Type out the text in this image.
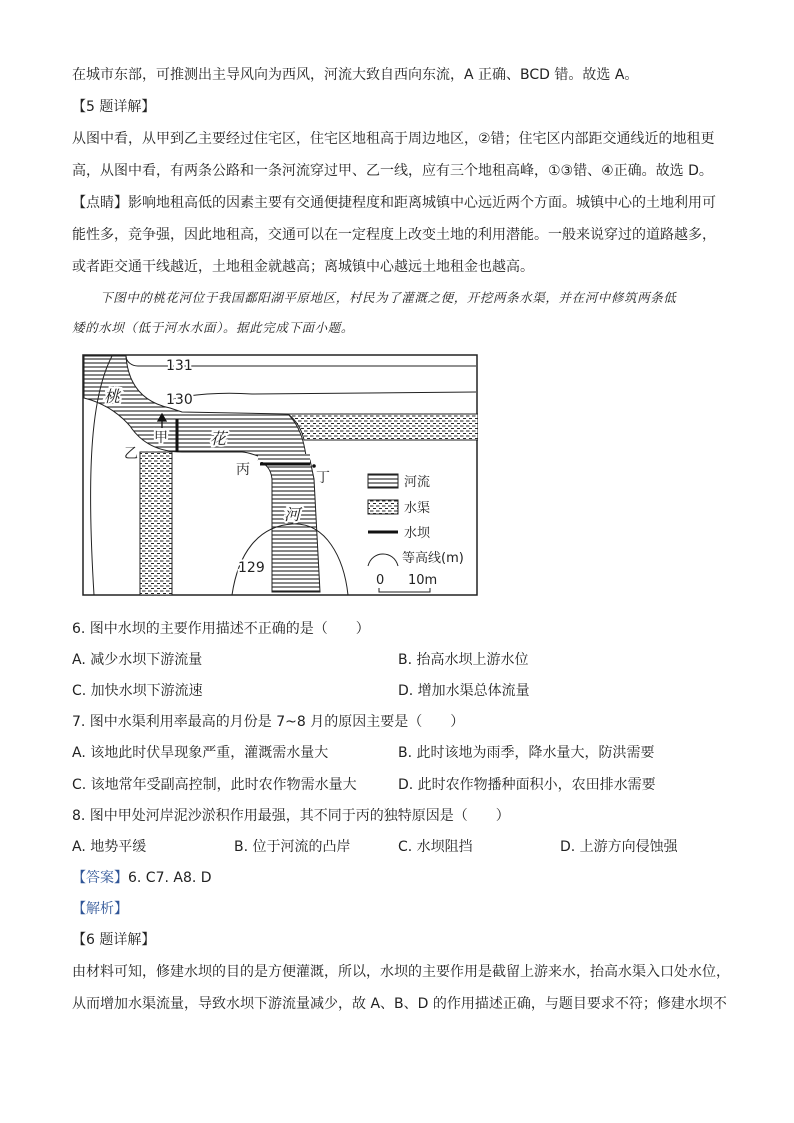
在城市东部，可推测出主导风向为西风，河流大致自西向东流，A 正确、BCD 错。故选 A。
【5 题详解】
从图中看，从甲到乙主要经过住宅区，住宅区地租高于周边地区，②错；住宅区内部距交通线近的地租更
高，从图中看，有两条公路和一条河流穿过甲、乙一线，应有三个地租高峰，①③错、④正确。故选 D。
【点睛】影响地租高低的因素主要有交通便捷程度和距离城镇中心远近两个方面。城镇中心的土地利用可
能性多，竞争强，因此地租高，交通可以在一定程度上改变土地的利用潜能。一般来说穿过的道路越多，
或者距交通干线越近，土地租金就越高；离城镇中心越远土地租金也越高。
下图中的桃花河位于我国鄱阳湖平原地区，村民为了灌溉之便，开挖两条水渠，并在河中修筑两条低
矮的水坝（低于河水水面）。据此完成下面小题。
131
130
129
桃
花
河
甲
乙
丙	丁	河流
水渠
水坝
等高线(m)
0 10m
6. 图中水坝的主要作用描述不正确的是（　　）
A. 减少水坝下游流量	B. 抬高水坝上游水位
C. 加快水坝下游流速	D. 增加水渠总体流量
7. 图中水渠利用率最高的月份是 7~8 月的原因主要是（　　）
A. 该地此时伏旱现象严重，灌溉需水量大	B. 此时该地为雨季，降水量大，防洪需要
C. 该地常年受副高控制，此时农作物需水量大	D. 此时农作物播种面积小，农田排水需要
8. 图中甲处河岸泥沙淤积作用最强，其不同于丙的独特原因是（　　）
A. 地势平缓	B. 位于河流的凸岸	C. 水坝阻挡	D. 上游方向侵蚀强
【答案】6. C7. A8. D
【解析】
【6 题详解】
由材料可知，修建水坝的目的是方便灌溉，所以，水坝的主要作用是截留上游来水，抬高水渠入口处水位，
从而增加水渠流量，导致水坝下游流量减少，故 A、B、D 的作用描述正确，与题目要求不符；修建水坝不
